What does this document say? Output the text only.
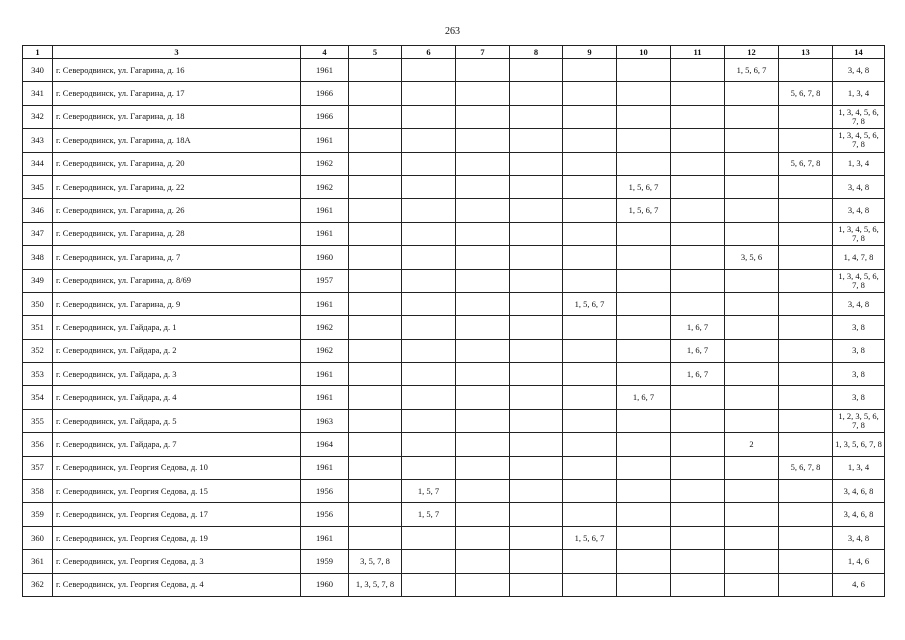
263
1	3	4	5	6	7	8	9	10	11	12	13	14
340	г. Северодвинск, ул. Гагарина, д. 16	1961								1, 5, 6, 7		3, 4, 8
341	г. Северодвинск, ул. Гагарина, д. 17	1966									5, 6, 7, 8	1, 3, 4
342	г. Северодвинск, ул. Гагарина, д. 18	1966										1, 3, 4, 5, 6, 7, 8
343	г. Северодвинск, ул. Гагарина, д. 18А	1961										1, 3, 4, 5, 6, 7, 8
344	г. Северодвинск, ул. Гагарина, д. 20	1962									5, 6, 7, 8	1, 3, 4
345	г. Северодвинск, ул. Гагарина, д. 22	1962						1, 5, 6, 7				3, 4, 8
346	г. Северодвинск, ул. Гагарина, д. 26	1961						1, 5, 6, 7				3, 4, 8
347	г. Северодвинск, ул. Гагарина, д. 28	1961										1, 3, 4, 5, 6, 7, 8
348	г. Северодвинск, ул. Гагарина, д. 7	1960								3, 5, 6		1, 4, 7, 8
349	г. Северодвинск, ул. Гагарина, д. 8/69	1957										1, 3, 4, 5, 6, 7, 8
350	г. Северодвинск, ул. Гагарина, д. 9	1961					1, 5, 6, 7					3, 4, 8
351	г. Северодвинск, ул. Гайдара, д. 1	1962							1, 6, 7			3, 8
352	г. Северодвинск, ул. Гайдара, д. 2	1962							1, 6, 7			3, 8
353	г. Северодвинск, ул. Гайдара, д. 3	1961							1, 6, 7			3, 8
354	г. Северодвинск, ул. Гайдара, д. 4	1961						1, 6, 7				3, 8
355	г. Северодвинск, ул. Гайдара, д. 5	1963										1, 2, 3, 5, 6, 7, 8
356	г. Северодвинск, ул. Гайдара, д. 7	1964								2		1, 3, 5, 6, 7, 8
357	г. Северодвинск, ул. Георгия Седова, д. 10	1961									5, 6, 7, 8	1, 3, 4
358	г. Северодвинск, ул. Георгия Седова, д. 15	1956		1, 5, 7								3, 4, 6, 8
359	г. Северодвинск, ул. Георгия Седова, д. 17	1956		1, 5, 7								3, 4, 6, 8
360	г. Северодвинск, ул. Георгия Седова, д. 19	1961					1, 5, 6, 7					3, 4, 8
361	г. Северодвинск, ул. Георгия Седова, д. 3	1959	3, 5, 7, 8									1, 4, 6
362	г. Северодвинск, ул. Георгия Седова, д. 4	1960	1, 3, 5, 7, 8									4, 6
